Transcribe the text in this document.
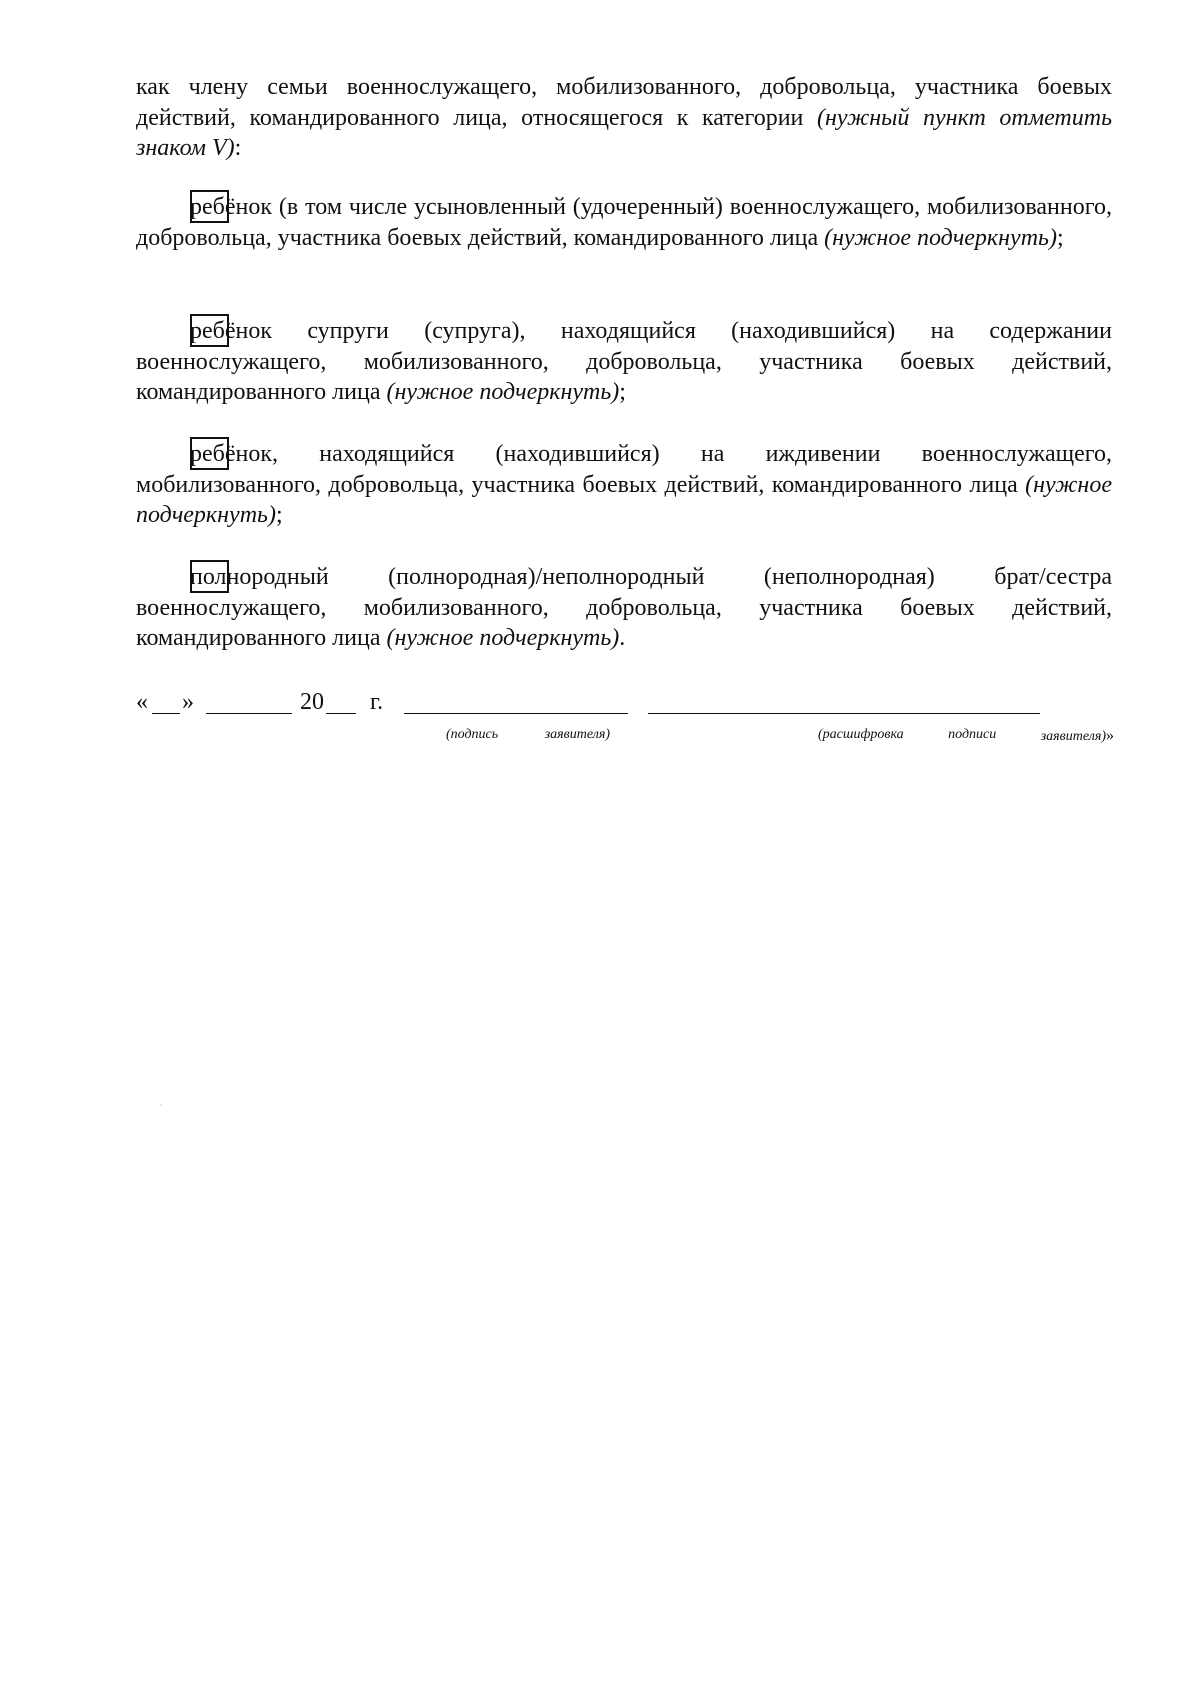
как члену семьи военнослужащего, мобилизованного, добровольца, участника боевых действий, командированного лица, относящегося к категории (нужный пункт отметить знаком V):
ребёнок (в том числе усыновленный (удочеренный) военнослужащего, мобилизованного, добровольца, участника боевых действий, командированного лица (нужное подчеркнуть);
ребёнок супруги (супруга), находящийся (находившийся) на содержании военнослужащего, мобилизованного, добровольца, участника боевых действий, командированного лица (нужное подчеркнуть);
ребёнок, находящийся (находившийся) на иждивении военнослужащего, мобилизованного, добровольца, участника боевых действий, командированного лица (нужное подчеркнуть);
полнородный (полнородная)/неполнородный (неполнородная) брат/сестра военнослужащего, мобилизованного, добровольца, участника боевых действий, командированного лица (нужное подчеркнуть).
« »	20 г.
(подпись	заявителя)	(расшифровка	подписи	заявителя)»
